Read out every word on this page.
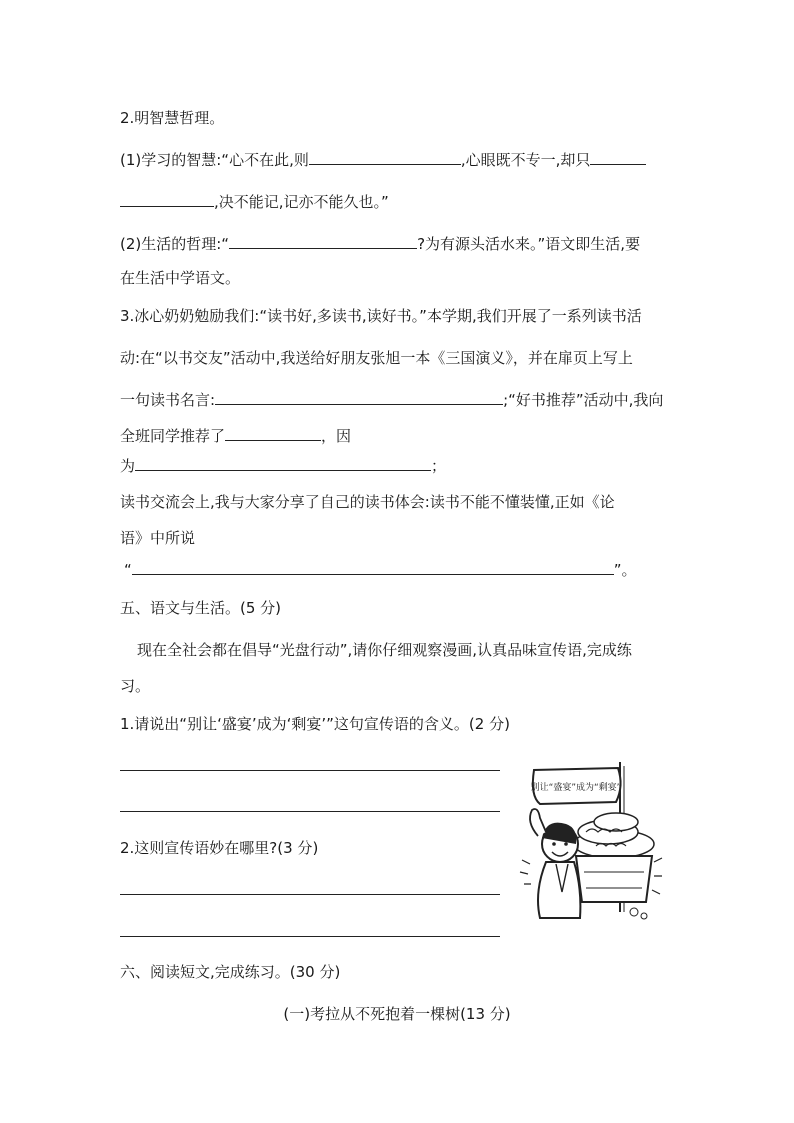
2.明智慧哲理。
(1)学习的智慧:“心不在此,则	,心眼既不专一,却只
,决不能记,记亦不能久也。”
(2)生活的哲理:“	?为有源头活水来。”语文即生活,要
在生活中学语文。
3.冰心奶奶勉励我们:“读书好,多读书,读好书。”本学期,我们开展了一系列读书活
动:在“以书交友”活动中,我送给好朋友张旭一本《三国演义》，并在扉页上写上
一句读书名言:	;“好书推荐”活动中,我向
全班同学推荐了	，因
为	；
读书交流会上,我与大家分享了自己的读书体会:读书不能不懂装懂,正如《论
语》中所说
“	”。
五、语文与生活。(5 分)
现在全社会都在倡导“光盘行动”,请你仔细观察漫画,认真品味宣传语,完成练
习。
1.请说出“别让‘盛宴’成为‘剩宴’”这句宣传语的含义。(2 分)
2.这则宣传语妙在哪里?(3 分)
别让“盛宴”成为“剩宴”
六、阅读短文,完成练习。(30 分)
(一)考拉从不死抱着一棵树(13 分)
